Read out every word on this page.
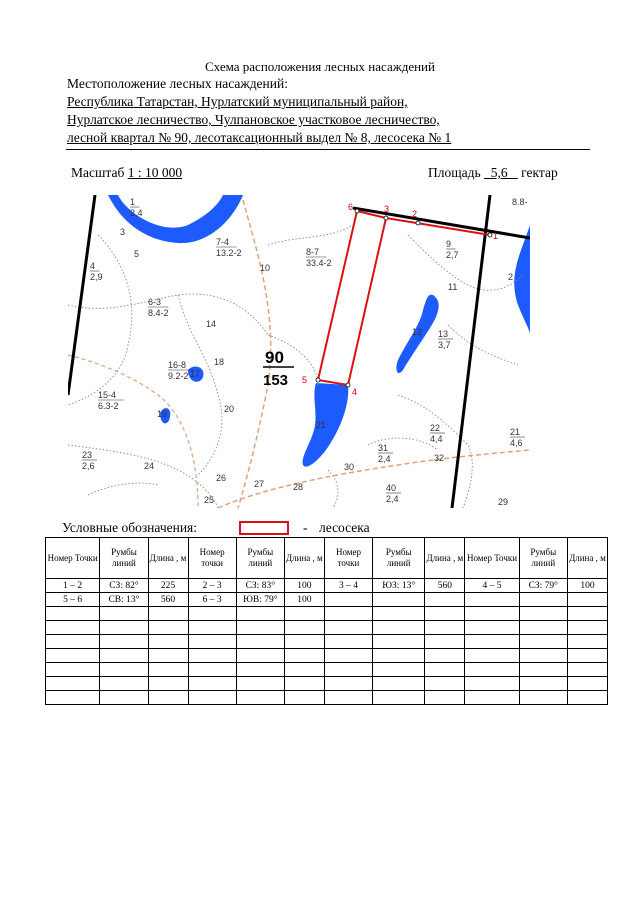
Схема расположения лесных насаждений
Местоположение лесных насаждений:
Республика Татарстан, Нурлатский муниципальный район,
Нурлатское лесничество, Чулпановское участковое лесничество,
лесной квартал № 90, лесотаксационный выдел № 8, лесосека № 1
Масштаб 1 : 10 000	Площадь 5,6 гектар
1
2
3
4
5
6
90
153
1
2,4
3
5
4
2,9
7-4
13.2-2	8-7
33.4-2
9
2,7
10
6-3
8.4-2
14
11
12 13
3,7
16-8
9.2-2 17
18
15-4
6.3-2
19	20
21	22
4,4
23
2,6	24
26
27	28
30
31
2,4	32
40
2,4
25	29
8.8-
21
4,6
2
Условные обозначения:	- лесосека
Номер Точки	Румбы линий	Длина , м	Номер точки	Румбы линий	Длина , м	Номер точки	Румбы линий	Длина , м	Номер Точки	Румбы линий	Длина , м
1 – 2	СЗ: 82°	225	2 – 3	СЗ: 83°	100	3 – 4	ЮЗ: 13°	560	4 – 5	СЗ: 79°	100
5 – 6	СВ: 13°	560	6 – 3	ЮВ: 79°	100						
